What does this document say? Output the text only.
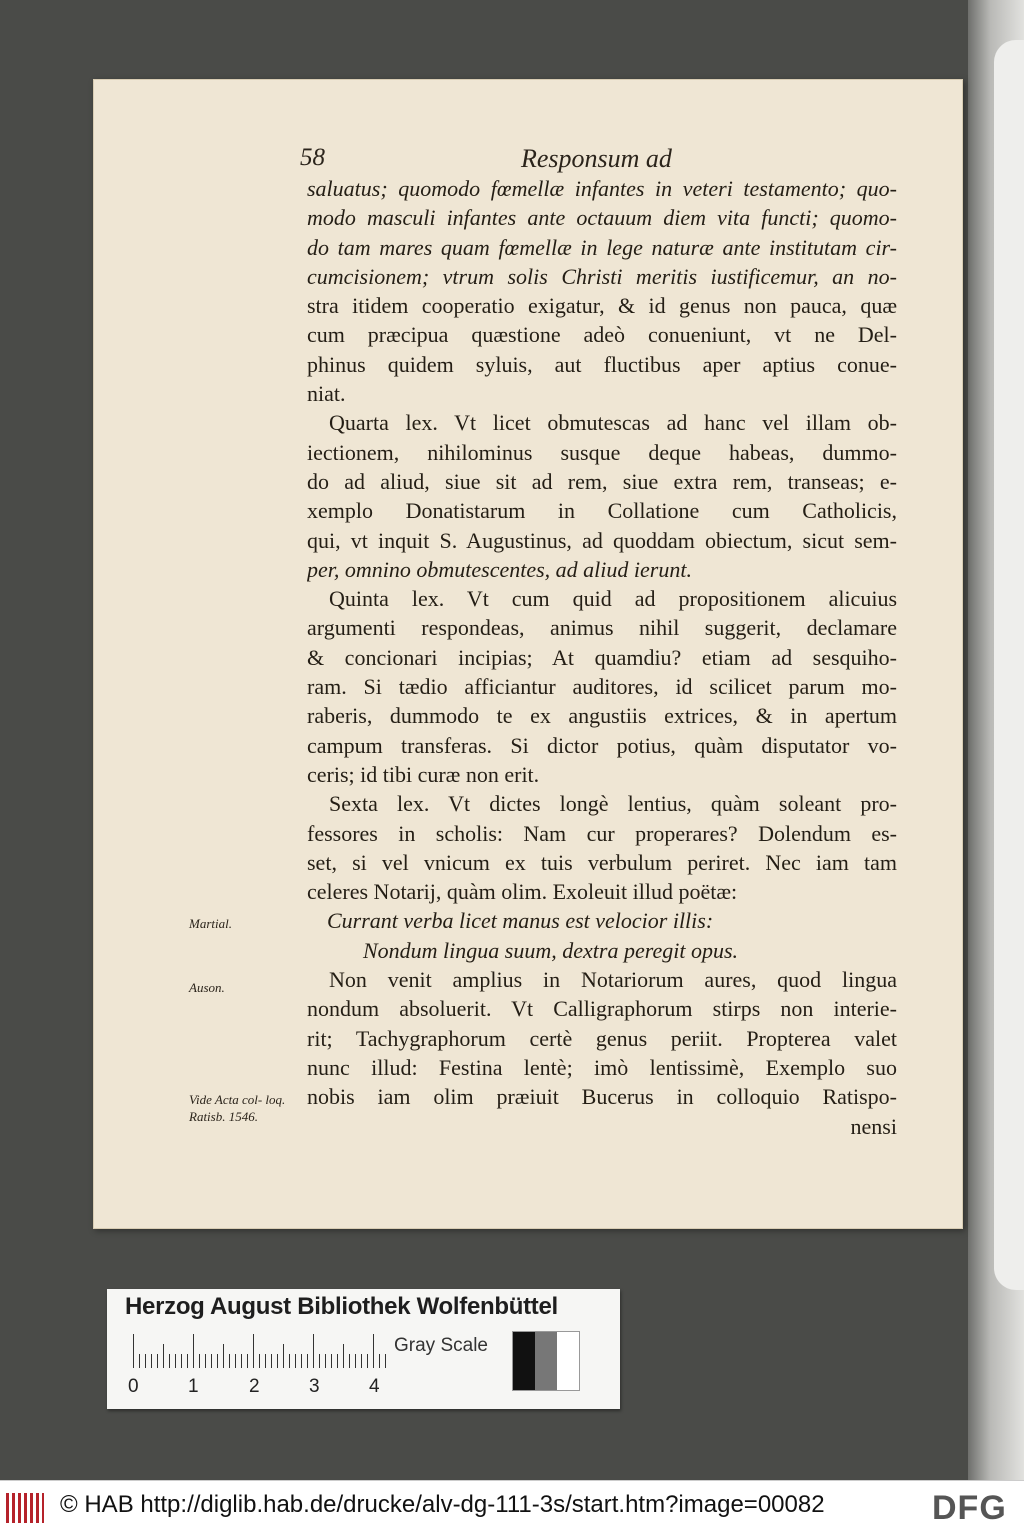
58	Responsum ad
saluatus; quomodo fœmellæ infantes in veteri testamento; quo-
modo masculi infantes ante octauum diem vita functi; quomo-
do tam mares quam fœmellæ in lege naturæ ante institutam cir-
cumcisionem; vtrum solis Christi meritis iustificemur, an no-
stra itidem cooperatio exigatur, & id genus non pauca, quæ
cum præcipua quæstione adeò conueniunt, vt ne Del-
phinus quidem syluis, aut fluctibus aper aptius conue-
niat.
Quarta lex. Vt licet obmutescas ad hanc vel illam ob-
iectionem, nihilominus susque deque habeas, dummo-
do ad aliud, siue sit ad rem, siue extra rem, transeas; e-
xemplo Donatistarum in Collatione cum Catholicis,
qui, vt inquit S. Augustinus, ad quoddam obiectum, sicut sem-
per, omnino obmutescentes, ad aliud ierunt.
Quinta lex. Vt cum quid ad propositionem alicuius
argumenti respondeas, animus nihil suggerit, declamare
& concionari incipias; At quamdiu? etiam ad sesquiho-
ram. Si tædio afficiantur auditores, id scilicet parum mo-
raberis, dummodo te ex angustiis extrices, & in apertum
campum transferas. Si dictor potius, quàm disputator vo-
ceris; id tibi curæ non erit.
Sexta lex. Vt dictes longè lentius, quàm soleant pro-
fessores in scholis: Nam cur properares? Dolendum es-
set, si vel vnicum ex tuis verbulum periret. Nec iam tam
celeres Notarij, quàm olim. Exoleuit illud poëtæ:
Currant verba licet manus est velocior illis:
Nondum lingua suum, dextra peregit opus.
Non venit amplius in Notariorum aures, quod lingua
nondum absoluerit. Vt Calligraphorum stirps non interie-
rit; Tachygraphorum certè genus periit. Propterea valet
nunc illud: Festina lentè; imò lentissimè, Exemplo suo
nobis iam olim præiuit Bucerus in colloquio Ratispo-
nensi
Martial.
Auson.
Vide Acta col- loq. Ratisb. 1546.
Herzog August Bibliothek Wolfenbüttel
0	1	2	3	4
Gray Scale
© HAB http://diglib.hab.de/drucke/alv-dg-111-3s/start.htm?image=00082	DFG
